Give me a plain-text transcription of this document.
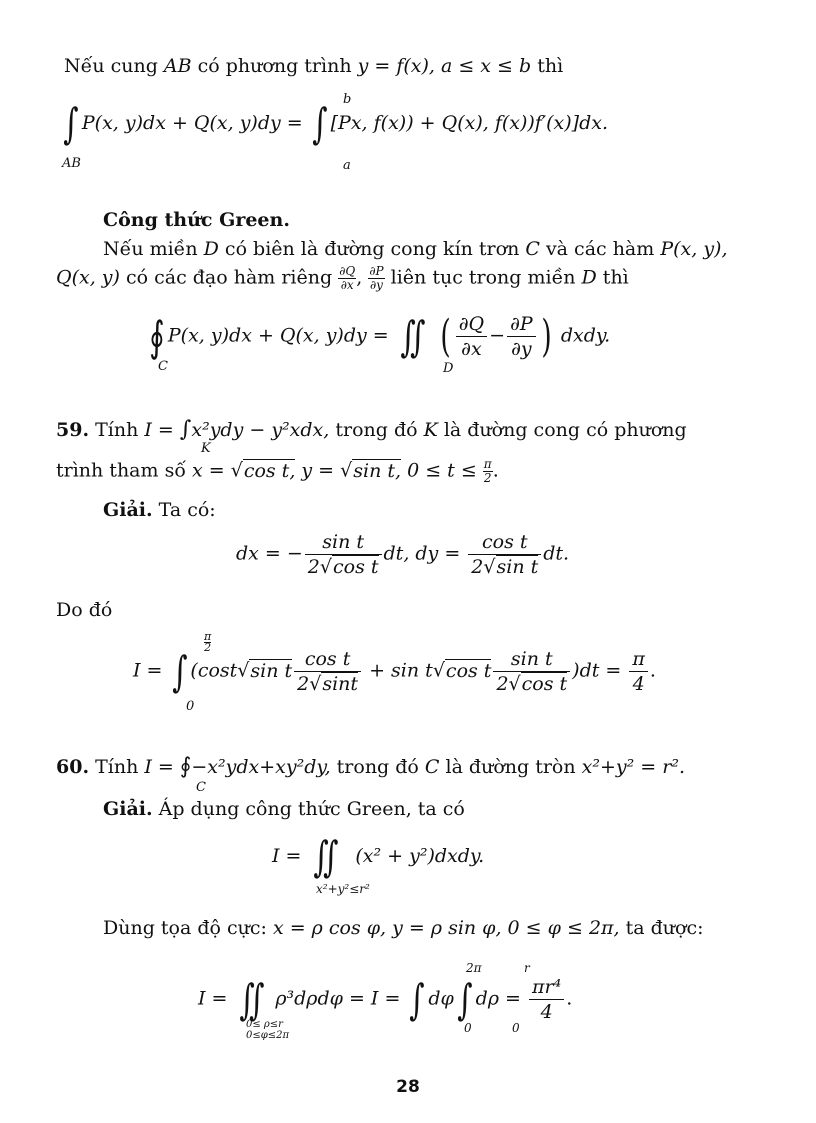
Nếu cung AB có phương trình y = f(x), a ≤ x ≤ b thì
∫ P(x, y)dx + Q(x, y)dy = ∫ [Px, f(x)) + Q(x), f(x))f′(x)]dx.
AB
b
a
Công thức Green.
Nếu miền D có biên là đường cong kín trơn C và các hàm P(x, y),
Q(x, y) có các đạo hàm riêng $\frac{\partial Q}{\partial x}$ , $\frac{\partial P}{\partial y}$ liên tục trong miền D thì
∮ P(x, y)dx + Q(x, y)dy = ∬ ( $\frac{\partial Q}{\partial x} - \frac{\partial P}{\partial y}$ ) dxdy.
C	D
59. Tính I = ∫x²ydy − y²xdx, trong đó K là đường cong có phương
K
trình tham số x = √cos t, y = √sin t, $0 \le t \le \frac{\pi}{2}$ .
Giải. Ta có:
dx = − $\frac{\text{sin t}}{\text{2√cos t}}$ dt, dy = $\frac{\text{cos t}}{\text{2√sin t}}$ dt.
Do đó
I = ∫ (cost√sin t $\frac{\text{cos t}}{2√\sin t} + \sin t√\cos$ t $\frac{\text{sin t}}{\text{2√cos t}} )dt = \frac{\pi}{4}$ .
π
2
0
60. Tính I = ∮−x²ydx+xy²dy, trong đó C là đường tròn x²+y² = r².
C
Giải. Áp dụng công thức Green, ta có
I = ∬ (x² + y²)dxdy.
x²+y²≤r²
Dùng tọa độ cực: x = ρ cos φ, y = ρ sin φ, 0 ≤ φ ≤ 2π, ta được:
I = ∬ ρ³dρdφ = I = ∫ dφ∫ $d\rho = \frac{\text{πr⁴}}{4}$ .
0≤ ρ≤r
0≤φ≤2π
2π
0
r
0
28
